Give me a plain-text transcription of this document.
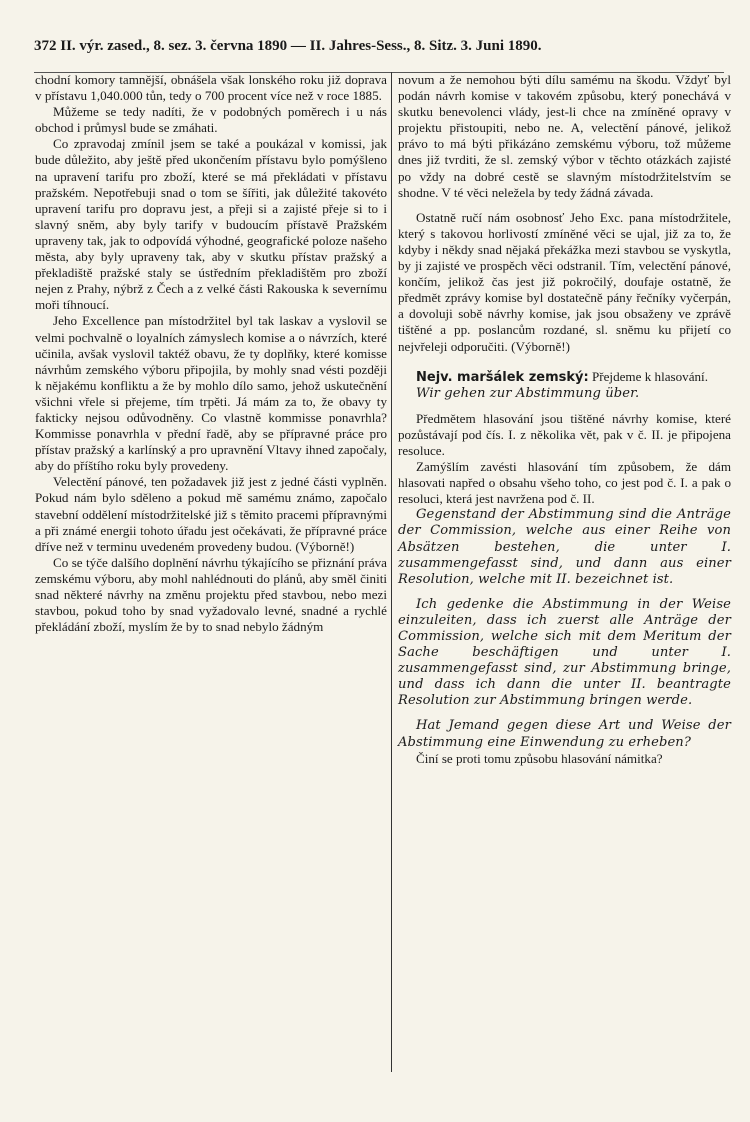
372 II. výr. zased., 8. sez. 3. června 1890 — II. Jahres-Sess., 8. Sitz. 3. Juni 1890.

chodní komory tamnější, obnášela však lonského roku již doprava v přístavu 1,040.000 tůn, tedy o 700 procent více než v roce 1885.

Můžeme se tedy nadíti, že v podobných poměrech i u nás obchod i průmysl bude se zmáhati.

Co zpravodaj zmínil jsem se také a poukázal v komissi, jak bude důležito, aby ještě před ukončením přístavu bylo pomýšleno na upravení tarifu pro zboží, které se má překládati v přístavu pražském. Nepotřebuji snad o tom se šířiti, jak důležité takovéto upravení tarifu pro dopravu jest, a přeji si a zajisté přeje si to i slavný sněm, aby byly tarify v budoucím přístavě Pražském upraveny tak, jak to odpovídá výhodné, geografické poloze našeho města, aby byly upraveny tak, aby v skutku přístav pražský a překladiště pražské staly se ústředním překladištěm pro zboží nejen z Prahy, nýbrž z Čech a z velké části Rakouska k severnímu moři tíhnoucí.

Jeho Excellence pan místodržitel byl tak laskav a vyslovil se velmi pochvalně o loyalních zámyslech komise a o návrzích, které učinila, avšak vyslovil taktéž obavu, že ty doplňky, které komisse návrhům zemského výboru připojila, by mohly snad vésti později k nějakému konfliktu a že by mohlo dílo samo, jehož uskutečnění všichni vřele si přejeme, tím trpěti. Já mám za to, že obavy ty fakticky nejsou odůvodněny. Co vlastně kommisse ponavrhla? Kommisse ponavrhla v přední řadě, aby se přípravné práce pro přístav pražský a karlínský a pro upravnění Vltavy ihned započaly, aby do příštího roku byly provedeny.

Velectění pánové, ten požadavek již jest z jedné části vyplněn. Pokud nám bylo sděleno a pokud mě samému známo, započalo stavební oddělení místodržitelské již s těmito pracemi přípravnými a při známé energii tohoto úřadu jest očekávati, že přípravné práce dříve než v terminu uvedeném provedeny budou. (Výborně!)

Co se týče dalšího doplnění návrhu týkajícího se přiznání práva zemskému výboru, aby mohl nahlédnouti do plánů, aby směl činiti snad některé návrhy na změnu projektu před stavbou, nebo mezi stavbou, pokud toho by snad vyžadovalo levné, snadné a rychlé překládání zboží, myslím že by to snad nebylo žádným

novum a že nemohou býti dílu samému na škodu. Vždyť byl podán návrh komise v takovém způsobu, který ponechává v skutku benevolenci vlády, jest-li chce na zmíněné opravy v projektu přistoupiti, nebo ne. A, velectění pánové, jelikož právo to má býti přikázáno zemskému výboru, tož můžeme dnes již tvrditi, že sl. zemský výbor v těchto otázkách zajisté po vždy na dobré cestě se slavným místodržitelstvím se shodne. V té věci neležela by tedy žádná závada.

Ostatně ručí nám osobnosť Jeho Exc. pana místodržitele, který s takovou horlivostí zmíněné věci se ujal, již za to, že kdyby i někdy snad nějaká překážka mezi stavbou se vyskytla, by ji zajisté ve prospěch věci odstranil. Tím, velectění pánové, končím, jelikož čas jest již pokročilý, doufaje ostatně, že předmět zprávy komise byl dostatečně pány řečníky vyčerpán, a dovoluji sobě návrhy komise, jak jsou obsaženy ve zprávě tištěné a pp. poslancům rozdané, sl. sněmu ku přijetí co nejvřeleji odporučiti. (Výborně!)

Nejv. maršálek zemský: Přejdeme k hlasování.

Wir gehen zur Abstimmung über.

Předmětem hlasování jsou tištěné návrhy komise, které pozůstávají pod čís. I. z několika vět, pak v č. II. je připojena resoluce.

Zamýšlím zavésti hlasování tím způsobem, že dám hlasovati napřed o obsahu všeho toho, co jest pod č. I. a pak o resoluci, která jest navržena pod č. II.

Gegenstand der Abstimmung sind die Anträge der Commission, welche aus einer Reihe von Absätzen bestehen, die unter I. zusammengefasst sind, und dann aus einer Resolution, welche mit II. bezeichnet ist.

Ich gedenke die Abstimmung in der Weise einzuleiten, dass ich zuerst alle Anträge der Commission, welche sich mit dem Meritum der Sache beschäftigen und unter I. zusammengefasst sind, zur Abstimmung bringe, und dass ich dann die unter II. beantragte Resolution zur Abstimmung bringen werde.

Hat Jemand gegen diese Art und Weise der Abstimmung eine Einwendung zu erheben?

Činí se proti tomu způsobu hlasování námitka?
